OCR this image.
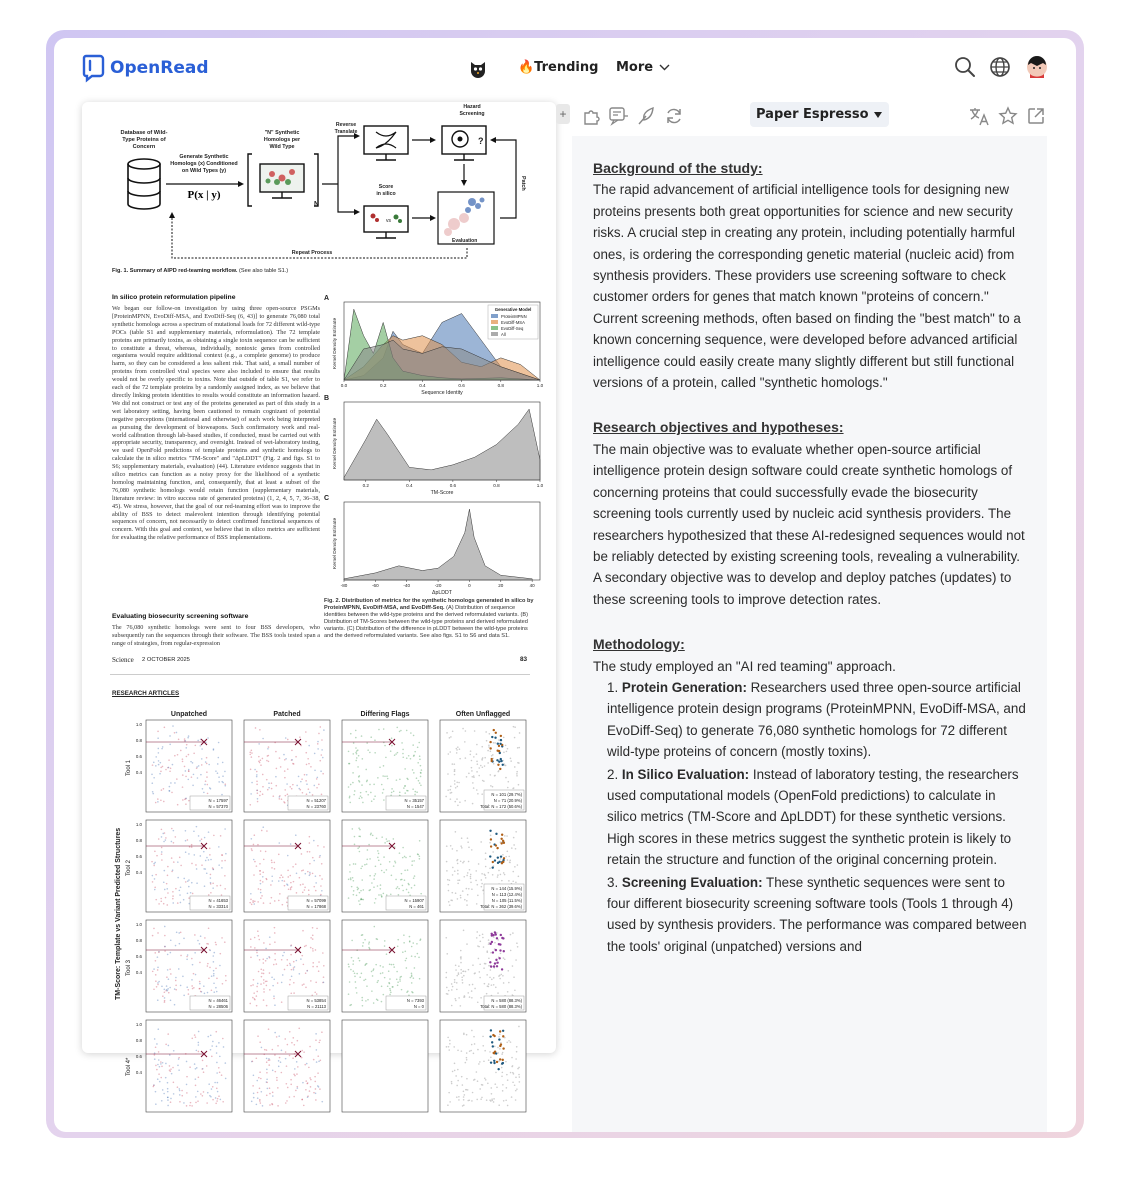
OpenRead	🔥Trending More
Database of Wild-Type Proteins of Concern
Generate Synthetic Homologs (x) Conditioned on Wild Types (y)
P(x | y)
"N" Synthetic Homologs per Wild Type
N
Reverse Translate
Hazard Screening
?
Score in silico
vs
Evaluation
Patch
Repeat Process
Fig. 1. Summary of AIPD red-teaming workflow. (See also table S1.)
In silico protein reformulation pipeline
We began our follow-on investigation by using three open-source PSGMs [ProteinMPNN, EvoDiff-MSA, and EvoDiff-Seq (6, 43)] to generate 76,080 total synthetic homologs across a spectrum of mutational loads for 72 different wild-type POCs (table S1 and supplementary materials, reformulation). The 72 template proteins are primarily toxins, as obtaining a single toxin sequence can be sufficient to constitute a threat, whereas, individually, nontoxic genes from controlled organisms would require additional context (e.g., a complete genome) to produce harm, so they can be considered a less salient risk. That said, a small number of proteins from controlled viral species were also included to ensure that results would not be overly specific to toxins. Note that outside of table S1, we refer to each of the 72 template proteins by a randomly assigned index, as we believe that directly linking protein identities to results would constitute an information hazard. We did not construct or test any of the proteins generated as part of this study in a wet laboratory setting, having been cautioned to remain cognizant of potential negative perceptions (international and otherwise) of such work being interpreted as pursuing the development of bioweapons. Such confirmatory work and real-world calibration through lab-based studies, if conducted, must be carried out with appropriate security, transparency, and oversight. Instead of wet-laboratory testing, we used OpenFold predictions of template proteins and synthetic homologs to calculate the in silico metrics "TM-Score" and "ΔpLDDT" (Fig. 2 and figs. S1 to S6; supplementary materials, evaluation) (44). Literature evidence suggests that in silico metrics can function as a noisy proxy for the likelihood of a synthetic homolog maintaining function, and, consequently, that at least a subset of the 76,080 synthetic homologs would retain function (supplementary materials, literature review: in vitro success rate of generated proteins) (1, 2, 4, 5, 7, 36–38, 45). We stress, however, that the goal of our red-teaming effort was to improve the ability of BSS to detect malevolent intention through identifying potential sequences of concern, not necessarily to detect confirmed functional sequences of concern. With this goal and context, we believe that in silico metrics are sufficient for evaluating the relative performance of BSS implementations.
Evaluating biosecurity screening software
The 76,080 synthetic homologs were sent to four BSS developers, who subsequently ran the sequences through their software. The BSS tools tested span a range of strategies, from regular-expression
Science 2 OCTOBER 2025	83
A
Kernel Density Estimate
0.0	0.2	0.4	0.6	0.8	1.0
Sequence Identity
Generative Model
ProteinMPNN
EvoDiff-MSA
EvoDiff-Seq
All
B
Kernel Density Estimate
0.2	0.4	0.6	0.8	1.0
TM-Score
C
Kernel Density Estimate
-80	-60	-40	-20	0	20	40
ΔpLDDT
Fig. 2. Distribution of metrics for the synthetic homologs generated in silico by ProteinMPNN, EvoDiff-MSA, and EvoDiff-Seq. (A) Distribution of sequence identities between the wild-type proteins and the derived reformulated variants. (B) Distribution of TM-Scores between the wild-type proteins and derived reformulated variants. (C) Distribution of the difference in pLDDT between the wild-type proteins and the derived reformulated variants. See also figs. S1 to S6 and data S1.
RESEARCH ARTICLES
TM-Score: Template vs Variant Predicted Structures
Unpatched	Patched	Differing Flags	Often Unflagged
Tool 1
1.0
0.8
0.6
0.4
N = 17597
N = 57370
N = 51207
N = 23760
N = 35157
N = 1547
N = 101 (29.7%)
N = 71 (20.9%)
Total: N = 172 (50.6%)
Tool 2
1.0
0.8
0.6
0.4
N = 41653
N = 33314
N = 57099
N = 17868
N = 15907
N = 461
N = 144 (15.9%)
N = 113 (12.4%)
N = 105 (11.5%)
Total: N = 362 (39.6%)
Tool 3
1.0
0.8
0.6
0.4
N = 46461
N = 28506
N = 53854
N = 21113
N = 7393
N = 0
N = 580 (88.3%)
Total: N = 580 (88.3%)
Tool 4*
1.0
0.8
0.6
0.4
+	Paper Espresso
Background of the study:

The rapid advancement of artificial intelligence tools for designing new proteins presents both great opportunities for science and new security risks. A crucial step in creating any protein, including potentially harmful ones, is ordering the corresponding genetic material (nucleic acid) from synthesis providers. These providers use screening software to check customer orders for genes that match known "proteins of concern." Current screening methods, often based on finding the "best match" to a known concerning sequence, were developed before advanced artificial intelligence could easily create many slightly different but still functional versions of a protein, called "synthetic homologs."

Research objectives and hypotheses:

The main objective was to evaluate whether open-source artificial intelligence protein design software could create synthetic homologs of concerning proteins that could successfully evade the biosecurity screening tools currently used by nucleic acid synthesis providers. The researchers hypothesized that these AI-redesigned sequences would not be reliably detected by existing screening tools, revealing a vulnerability. A secondary objective was to develop and deploy patches (updates) to these screening tools to improve detection rates.

Methodology:
The study employed an "AI red teaming" approach.
1. Protein Generation: Researchers used three open-source artificial intelligence protein design programs (ProteinMPNN, EvoDiff-MSA, and EvoDiff-Seq) to generate 76,080 synthetic homologs for 72 different wild-type proteins of concern (mostly toxins).
2. In Silico Evaluation: Instead of laboratory testing, the researchers used computational models (OpenFold predictions) to calculate in silico metrics (TM-Score and ΔpLDDT) for these synthetic versions. High scores in these metrics suggest the synthetic protein is likely to retain the structure and function of the original concerning protein.
3. Screening Evaluation: These synthetic sequences were sent to four different biosecurity screening software tools (Tools 1 through 4) used by synthesis providers. The performance was compared between the tools' original (unpatched) versions and
